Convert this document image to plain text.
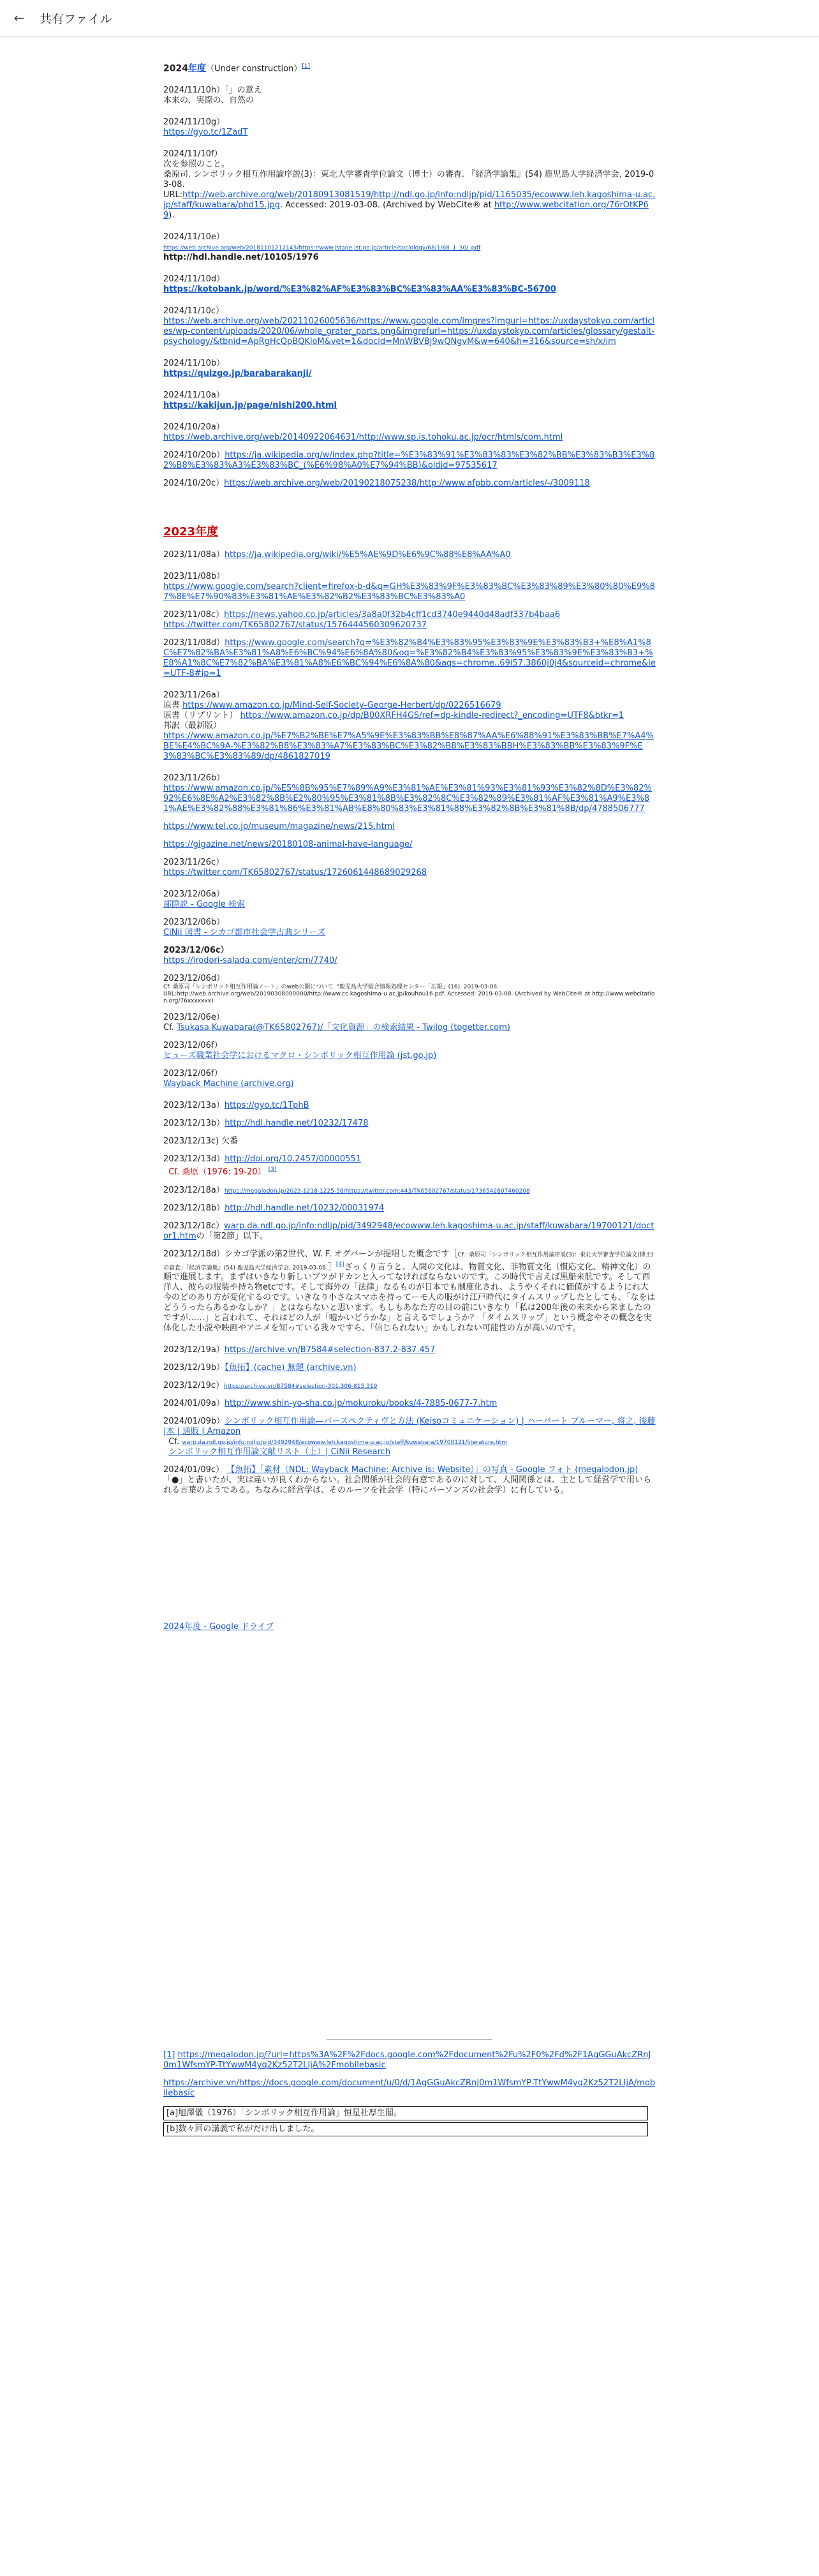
← 共有ファイル
2024年度（Under construction）[1]
2024/11/10h）「」の意え
本来の、実際の、自然の
2024/11/10g）
https://gyo.tc/1ZadT
2024/11/10f）
次を参照のこと。
桑原司. シンボリック相互作用論序説(3)：東北大学審査学位論文（博士）の審査. 『経済学論集』(54) 鹿児島大学経済学会, 2019-03-08.
URL:http://web.archive.org/web/20180913081519/http://ndl.go.jp/info:ndljp/pid/1165035/ecowww.leh.kagoshima-u.ac.jp/staff/kuwabara/phd15.jpg. Accessed: 2019-03-08. (Archived by WebCite® at http://www.webcitation.org/76rOtKP69).
2024/11/10e）
https://web.archive.org/web/20181101212143/https://www.jstage.jst.go.jp/article/sociology/68/1/68_1_30/_pdf
http://hdl.handle.net/10105/1976
2024/11/10d）
https://kotobank.jp/word/%E3%82%AF%E3%83%BC%E3%83%AA%E3%83%BC-56700
2024/11/10c）
https://web.archive.org/web/20211026005636/https://www.google.com/imgres?imgurl=https://uxdaystokyo.com/articles/wp-content/uploads/2020/06/whole_grater_parts.png&imgrefurl=https://uxdaystokyo.com/articles/glossary/gestalt-psychology/&tbnid=ApRgHcQpBQKloM&vet=1&docid=MnWBVBj9wQNgvM&w=640&h=316&source=sh/x/im
2024/11/10b）
https://quizgo.jp/barabarakanji/
2024/11/10a）
https://kakijun.jp/page/nishi200.html
2024/10/20a）
https://web.archive.org/web/20140922064631/http://www.sp.is.tohoku.ac.jp/ocr/htmls/com.html
2024/10/20b）https://ja.wikipedia.org/w/index.php?title=%E3%83%91%E3%83%83%E3%82%BB%E3%83%B3%E3%82%B8%E3%83%A3%E3%83%BC_(%E6%98%A0%E7%94%BB)&oldid=97535617
2024/10/20c）https://web.archive.org/web/20190218075238/http://www.afpbb.com/articles/-/3009118
2023年度
2023/11/08a）https://ja.wikipedia.org/wiki/%E5%AE%9D%E6%9C%88%E8%AA%A0
2023/11/08b）
https://www.google.com/search?client=firefox-b-d&q=GH%E3%83%9F%E3%83%BC%E3%83%89%E3%80%80%E9%87%8E%E7%90%83%E3%81%AE%E3%82%B2%E3%83%BC%E3%83%A0
2023/11/08c）https://news.yahoo.co.jp/articles/3a8a0f32b4cff1cd3740e9440d48adf337b4baa6
https://twitter.com/TK65802767/status/1576444560309620737
2023/11/08d）https://www.google.com/search?q=%E3%82%B4%E3%83%95%E3%83%9E%E3%83%B3+%E8%A1%8C%E7%82%BA%E3%81%A8%E6%BC%94%E6%8A%80&oq=%E3%82%B4%E3%83%95%E3%83%9E%E3%83%B3+%E8%A1%8C%E7%82%BA%E3%81%A8%E6%BC%94%E6%8A%80&aqs=chrome..69i57.3860j0j4&sourceid=chrome&ie=UTF-8#ip=1
2023/11/26a）
原書 https://www.amazon.co.jp/Mind-Self-Society-George-Herbert/dp/0226516679
原書（リプリント） https://www.amazon.co.jp/dp/B00XRFH4GS/ref=dp-kindle-redirect?_encoding=UTF8&btkr=1
邦訳（最新版）
https://www.amazon.co.jp/%E7%B2%BE%E7%A5%9E%E3%83%BB%E8%87%AA%E6%88%91%E3%83%BB%E7%A4%BE%E4%BC%9A-%E3%82%B8%E3%83%A7%E3%83%BC%E3%82%B8%E3%83%BBH%E3%83%BB%E3%83%9F%E3%83%BC%E3%83%89/dp/4861827019
2023/11/26b）
https://www.amazon.co.jp/%E5%8B%95%E7%89%A9%E3%81%AE%E3%81%93%E3%81%93%E3%82%8D%E3%82%92%E6%8E%A2%E3%82%8B%E2%80%95%E3%81%8B%E3%82%8C%E3%82%89%E3%81%AF%E3%81%A9%E3%81%AE%E3%82%88%E3%81%86%E3%81%AB%E8%80%83%E3%81%88%E3%82%8B%E3%81%8B/dp/4788506777
https://www.tel.co.jp/museum/magazine/news/215.html
https://gigazine.net/news/20180108-animal-have-language/
2023/11/26c）
https://twitter.com/TK65802767/status/1726061448689029268
2023/12/06a）
部際説 - Google 検索
2023/12/06b）
CiNii 図書 - シカゴ都市社会学古典シリーズ
2023/12/06c）
https://irodori-salada.com/enter/cm/7740/
2023/12/06d）
Cf. 桑原司「シンボリック相互作用論ノート」のweb公開について. "鹿児島大学総合情報処理センター「広報」(16). 2019-03-08.
URL:http://web.archive.org/web/20190308000000/http://www.cc.kagoshima-u.ac.jp/kouhou16.pdf. Accessed: 2019-03-08. (Archived by WebCite® at http://www.webcitation.org/76xxxxxxx)
2023/12/06e）
Cf. Tsukasa Kuwabara(@TK65802767)/「文化資源」の検索結果 - Twilog (togetter.com)
2023/12/06f）
ヒューズ職業社会学におけるマクロ・シンボリック相互作用論 (jst.go.jp)
2023/12/06f）
Wayback Machine (archive.org)
2023/12/13a）https://gyo.tc/1TphB
2023/12/13b）http://hdl.handle.net/10232/17478
2023/12/13c) 欠番
2023/12/13d）http://doi.org/10.2457/00000551
Cf. 桑原（1976: 19-20） [3]
2023/12/18a）https://megalodon.jp/2023-1218-1225-56/https://twitter.com:443/TK65802767/status/1736542807460208
2023/12/18b）http://hdl.handle.net/10232/00031974
2023/12/18c）warp.da.ndl.go.jp/info:ndljp/pid/3492948/ecowww.leh.kagoshima-u.ac.jp/staff/kuwabara/19700121/doctor1.htmの「第2節」以下。
2023/12/18d）シカゴ学派の第2世代、W. F. オグバーンが提唱した概念です［Cf.: 桑原司「シンボリック相互作用論序説(3)：東北大学審査学位論文(博士)の審査」『経済学論集』(54) 鹿児島大学経済学会, 2019-03-08.］[4]ざっくり言うと、人間の文化は、物質文化、非物質文化（慣応文化、精神文化）の順で進展します。まずはいきなり新しいブツがドカンと入ってなければならないのです。この時代で言えば黒船来航です。そして西洋人、彼らの服装や持ち物etcです。そして海外の「法律」なるものが日本でも制度化され、ようやくそれに価値がするようにれ大今のどのあり方が変化するのです。いきなり小さなスマホを持ってーモ人の服がけ江戸時代にタイムスリップしたとしても、「なをはどううったらあるかなしか？」とはならないと思います。もしもあなた方の目の前にいきなり「私は200年後の未来から来ましたのですが……」と言われて、それはどの人が「嘘かいどうかな」と言えるでしょうか？「タイムスリップ」という概念やその概念を実体化した小説や映画やアニメを知っている我々ですら、「信じられない」かもしれない可能性の方が高いのです。
2023/12/19a）https://archive.vn/B7584#selection-837.2-837.457
2023/12/19b）【魚拓】(cache) 無題 (archive.vn)
2023/12/19c）https://archive.vn/B7584#selection-301.306-815.319
2024/01/09a）http://www.shin-yo-sha.co.jp/mokuroku/books/4-7885-0677-7.htm
2024/01/09b）シンボリック相互作用論—パースペクティヴと方法 (Keisoコミュニケーション) | ハーバート ブルーマー, 将之, 後藤 |本 | 通販 | Amazon
Cf. warp.da.ndl.go.jp/info:ndljp/pid/3492948/ecowww.leh.kagoshima-u.ac.jp/staff/kuwabara/19700121/literature.htm
シンボリック相互作用論文献リスト（上）| CiNii Research
2024/01/09c） 【魚拓】「素材（NDL: Wayback Machine: Archive is: Website）」の写真 - Google フォト (megalodon.jp)
「●」と書いたが、実は違いが良くわからない。社会関係が社会的有意であるのに対して、人間関係とは、主として経営学で用いられる言葉のようである。ちなみに経営学は、そのルーツを社会学（特にパーソンズの社会学）に有している。
2024年度 - Google ドライブ
[1] https://megalodon.jp/?url=https%3A%2F%2Fdocs.google.com%2Fdocument%2Fu%2F0%2Fd%2F1AgGGuAkcZRnJ0m1WfsmYP-TtYwwM4yq2Kz52T2LIjA%2Fmobilebasic
https://archive.vn/https://docs.google.com/document/u/0/d/1AgGGuAkcZRnJ0m1WfsmYP-TtYwwM4yq2Kz52T2LIjA/mobilebasic
[a]旭澤儀（1976）「シンボリック相互作用論」恒星社厚生閣。
[b]数々回の講義で私がだけ出しました。
